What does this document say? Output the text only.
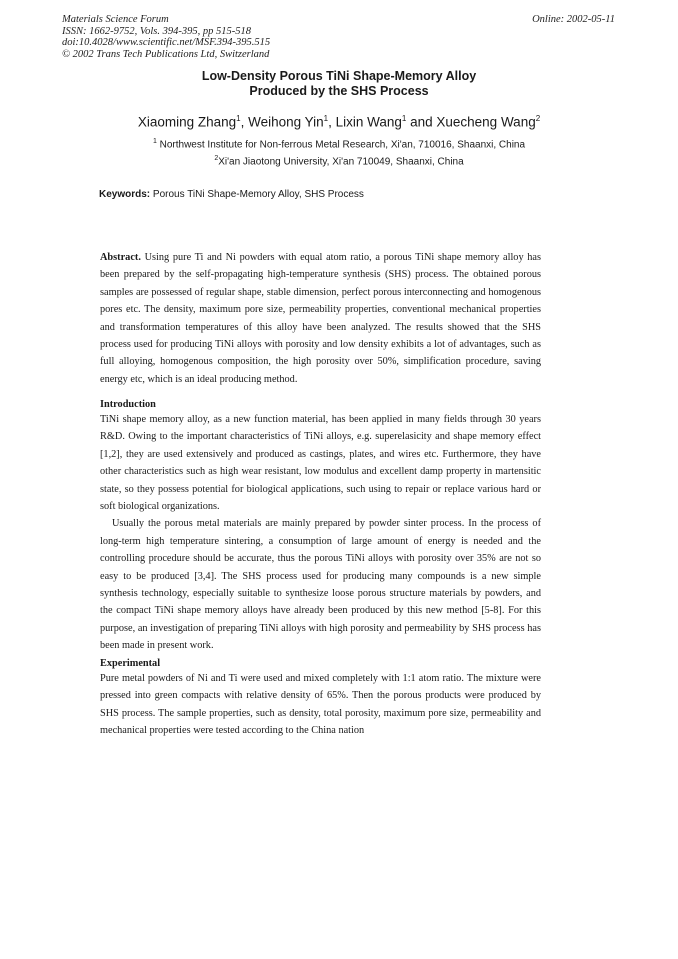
Materials Science Forum
ISSN: 1662-9752, Vols. 394-395, pp 515-518
doi:10.4028/www.scientific.net/MSF.394-395.515
© 2002 Trans Tech Publications Ltd, Switzerland
Online: 2002-05-11
Low-Density Porous TiNi Shape-Memory Alloy
Produced by the SHS Process
Xiaoming Zhang$^1$, Weihong Yin$^1$, Lixin Wang$^1$ and Xuecheng Wang$^2$
$^1$ Northwest Institute for Non-ferrous Metal Research, Xi'an, 710016, Shaanxi, China
$^2$Xi'an Jiaotong University, Xi'an 710049, Shaanxi, China
Keywords: Porous TiNi Shape-Memory Alloy, SHS Process

Abstract. Using pure Ti and Ni powders with equal atom ratio, a porous TiNi shape memory alloy has been prepared by the self-propagating high-temperature synthesis (SHS) process. The obtained porous samples are possessed of regular shape, stable dimension, perfect porous interconnecting and homogenous pores etc. The density, maximum pore size, permeability properties, conventional mechanical properties and transformation temperatures of this alloy have been analyzed. The results showed that the SHS process used for producing TiNi alloys with porosity and low density exhibits a lot of advantages, such as full alloying, homogenous composition, the high porosity over 50%, simplification procedure, saving energy etc, which is an ideal producing method.

Introduction

TiNi shape memory alloy, as a new function material, has been applied in many fields through 30 years R&D. Owing to the important characteristics of TiNi alloys, e.g. superelasicity and shape memory effect [1,2], they are used extensively and produced as castings, plates, and wires etc. Furthermore, they have other characteristics such as high wear resistant, low modulus and excellent damp property in martensitic state, so they possess potential for biological applications, such using to repair or replace various hard or soft biological organizations.

Usually the porous metal materials are mainly prepared by powder sinter process. In the process of long-term high temperature sintering, a consumption of large amount of energy is needed and the controlling procedure should be accurate, thus the porous TiNi alloys with porosity over 35% are not so easy to be produced [3,4]. The SHS process used for producing many compounds is a new simple synthesis technology, especially suitable to synthesize loose porous structure materials by powders, and the compact TiNi shape memory alloys have already been produced by this new method [5-8]. For this purpose, an investigation of preparing TiNi alloys with high porosity and permeability by SHS process has been made in present work.

Experimental

Pure metal powders of Ni and Ti were used and mixed completely with 1:1 atom ratio. The mixture were pressed into green compacts with relative density of 65%. Then the porous products were produced by SHS process. The sample properties, such as density, total porosity, maximum pore size, permeability and mechanical properties were tested according to the China nation
